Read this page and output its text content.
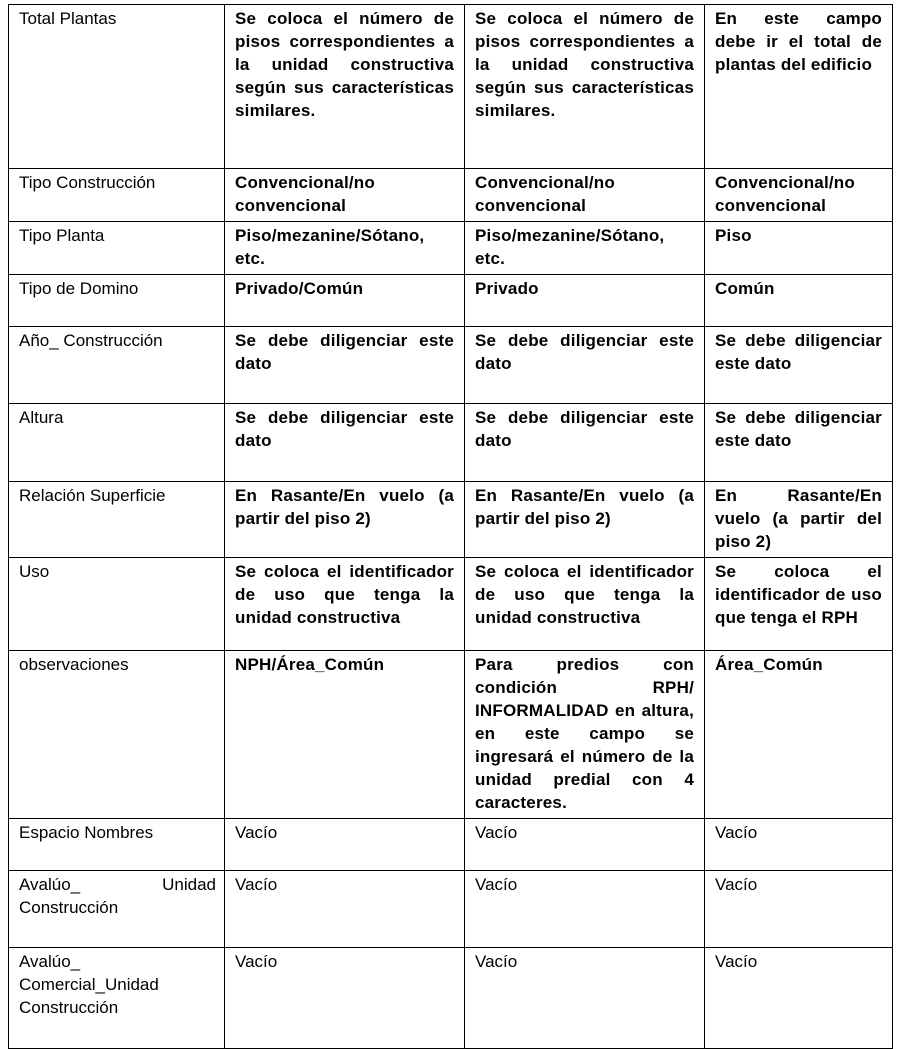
Total Plantas	Se coloca el número de pisos correspondientes a la unidad constructiva según sus características similares.	Se coloca el número de pisos correspondientes a la unidad constructiva según sus características similares.	En este campo debe ir el total de plantas del edificio
Tipo Construcción	Convencional/no convencional	Convencional/no convencional	Convencional/no convencional
Tipo Planta	Piso/mezanine/Sótano, etc.	Piso/mezanine/Sótano, etc.	Piso
Tipo de Domino	Privado/Común	Privado	Común
Año_ Construcción	Se debe diligenciar este dato	Se debe diligenciar este dato	Se debe diligenciar este dato
Altura	Se debe diligenciar este dato	Se debe diligenciar este dato	Se debe diligenciar este dato
Relación Superficie	En Rasante/En vuelo (a partir del piso 2)	En Rasante/En vuelo (a partir del piso 2)	En Rasante/En vuelo (a partir del piso 2)
Uso	Se coloca el identificador de uso que tenga la unidad constructiva	Se coloca el identificador de uso que tenga la unidad constructiva	Se coloca el identificador de uso que tenga el RPH
observaciones	NPH/Área_Común	Para predios con condición RPH/ INFORMALIDAD en altura, en este campo se ingresará el número de la unidad predial con 4 caracteres.	Área_Común
Espacio Nombres	Vacío	Vacío	Vacío
Avalúo_ Unidad Construcción	Vacío	Vacío	Vacío
Avalúo_ Comercial_Unidad Construcción	Vacío	Vacío	Vacío
